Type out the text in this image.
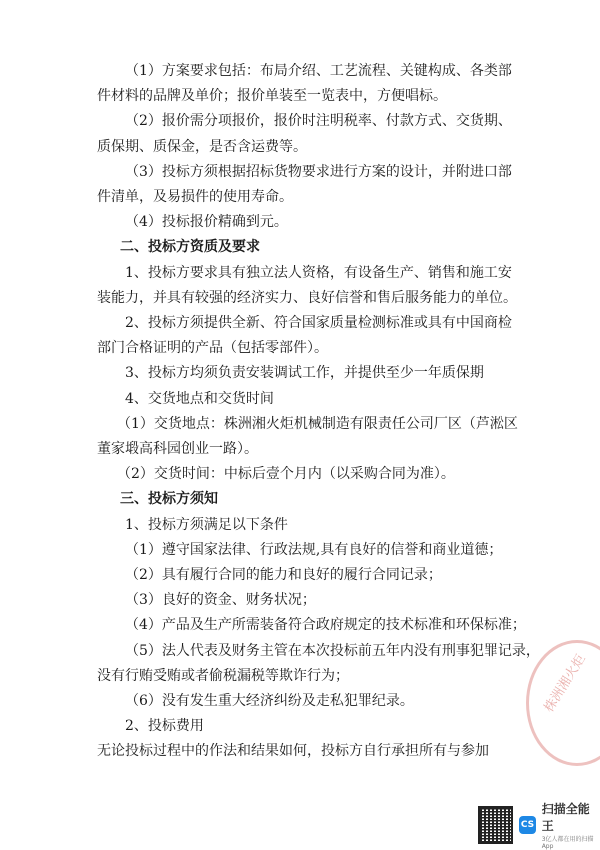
（1）方案要求包括：布局介绍、工艺流程、关键构成、各类部
件材料的品牌及单价；报价单装至一览表中，方便唱标。
（2）报价需分项报价，报价时注明税率、付款方式、交货期、
质保期、质保金，是否含运费等。
（3）投标方须根据招标货物要求进行方案的设计，并附进口部
件清单，及易损件的使用寿命。
（4）投标报价精确到元。
二、投标方资质及要求
1、投标方要求具有独立法人资格，有设备生产、销售和施工安
装能力，并具有较强的经济实力、良好信誉和售后服务能力的单位。
2、投标方须提供全新、符合国家质量检测标准或具有中国商检
部门合格证明的产品（包括零部件）。
3、投标方均须负责安装调试工作，并提供至少一年质保期
4、交货地点和交货时间
（1）交货地点：株洲湘火炬机械制造有限责任公司厂区（芦淞区
董家塅高科园创业一路）。
（2）交货时间：中标后壹个月内（以采购合同为准）。
三、投标方须知
1、投标方须满足以下条件
（1）遵守国家法律、行政法规,具有良好的信誉和商业道德；
（2）具有履行合同的能力和良好的履行合同记录；
（3）良好的资金、财务状况；
（4）产品及生产所需装备符合政府规定的技术标准和环保标准；
（5）法人代表及财务主管在本次投标前五年内没有刑事犯罪记录，
没有行贿受贿或者偷税漏税等欺诈行为；
（6）没有发生重大经济纠纷及走私犯罪纪录。
2、投标费用
无论投标过程中的作法和结果如何，投标方自行承担所有与参加
株洲湘火炬
CS
扫描全能王
3亿人都在用的扫描App
